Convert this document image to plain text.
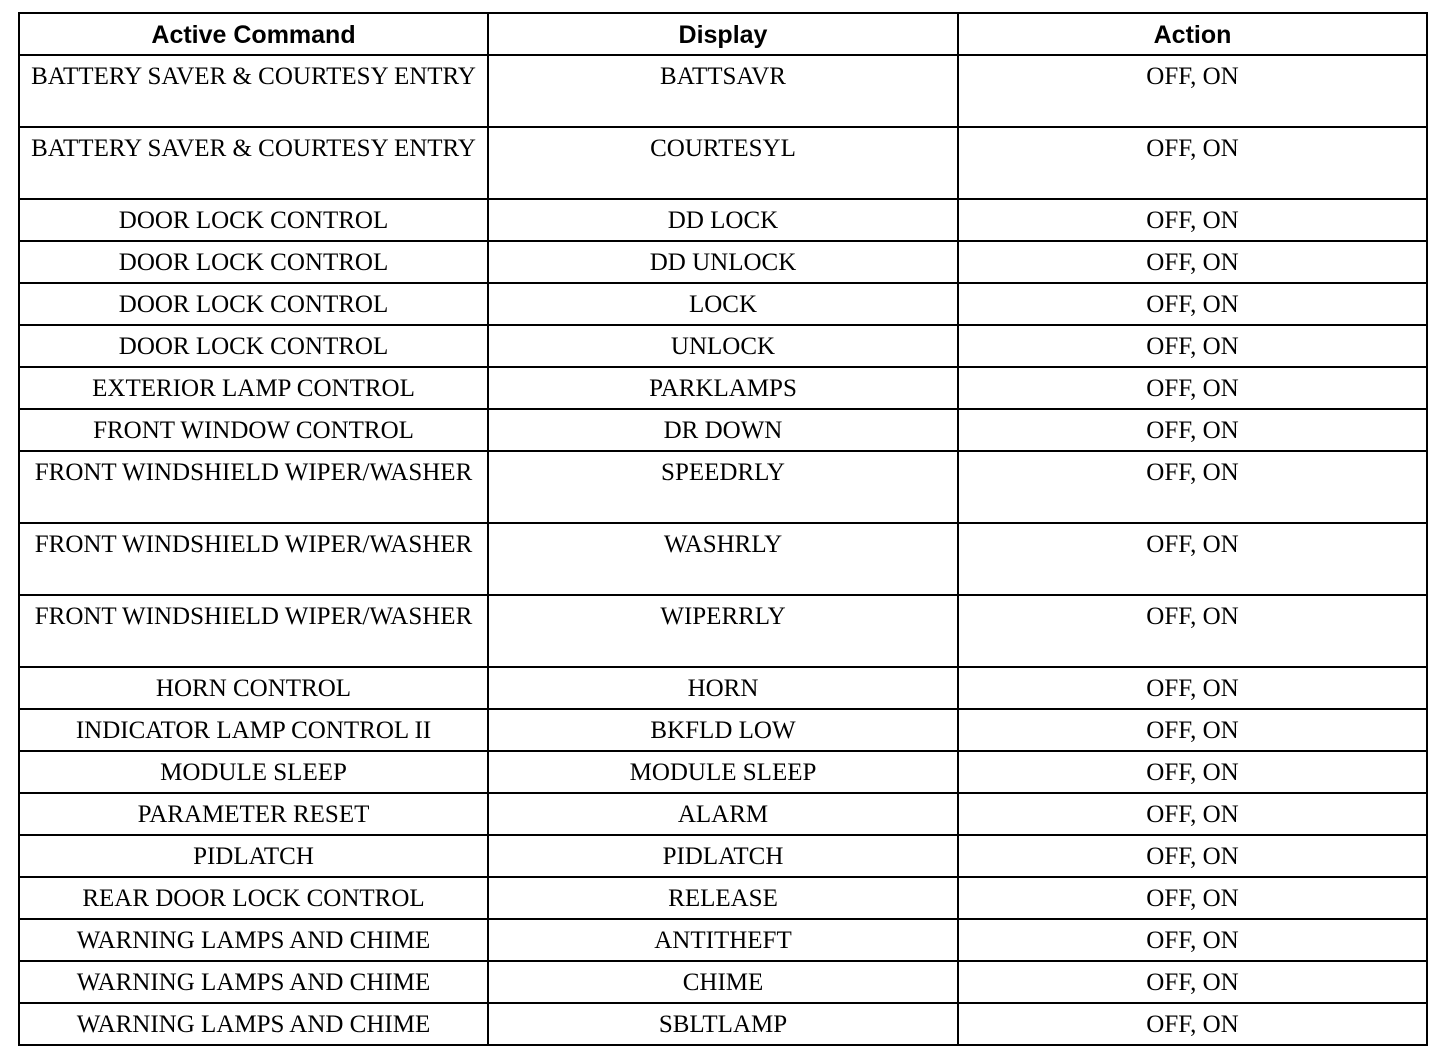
Active Command	Display	Action
BATTERY SAVER & COURTESY ENTRY	BATTSAVR	OFF, ON
BATTERY SAVER & COURTESY ENTRY	COURTESYL	OFF, ON
DOOR LOCK CONTROL	DD LOCK	OFF, ON
DOOR LOCK CONTROL	DD UNLOCK	OFF, ON
DOOR LOCK CONTROL	LOCK	OFF, ON
DOOR LOCK CONTROL	UNLOCK	OFF, ON
EXTERIOR LAMP CONTROL	PARKLAMPS	OFF, ON
FRONT WINDOW CONTROL	DR DOWN	OFF, ON
FRONT WINDSHIELD WIPER/WASHER	SPEEDRLY	OFF, ON
FRONT WINDSHIELD WIPER/WASHER	WASHRLY	OFF, ON
FRONT WINDSHIELD WIPER/WASHER	WIPERRLY	OFF, ON
HORN CONTROL	HORN	OFF, ON
INDICATOR LAMP CONTROL II	BKFLD LOW	OFF, ON
MODULE SLEEP	MODULE SLEEP	OFF, ON
PARAMETER RESET	ALARM	OFF, ON
PIDLATCH	PIDLATCH	OFF, ON
REAR DOOR LOCK CONTROL	RELEASE	OFF, ON
WARNING LAMPS AND CHIME	ANTITHEFT	OFF, ON
WARNING LAMPS AND CHIME	CHIME	OFF, ON
WARNING LAMPS AND CHIME	SBLTLAMP	OFF, ON
